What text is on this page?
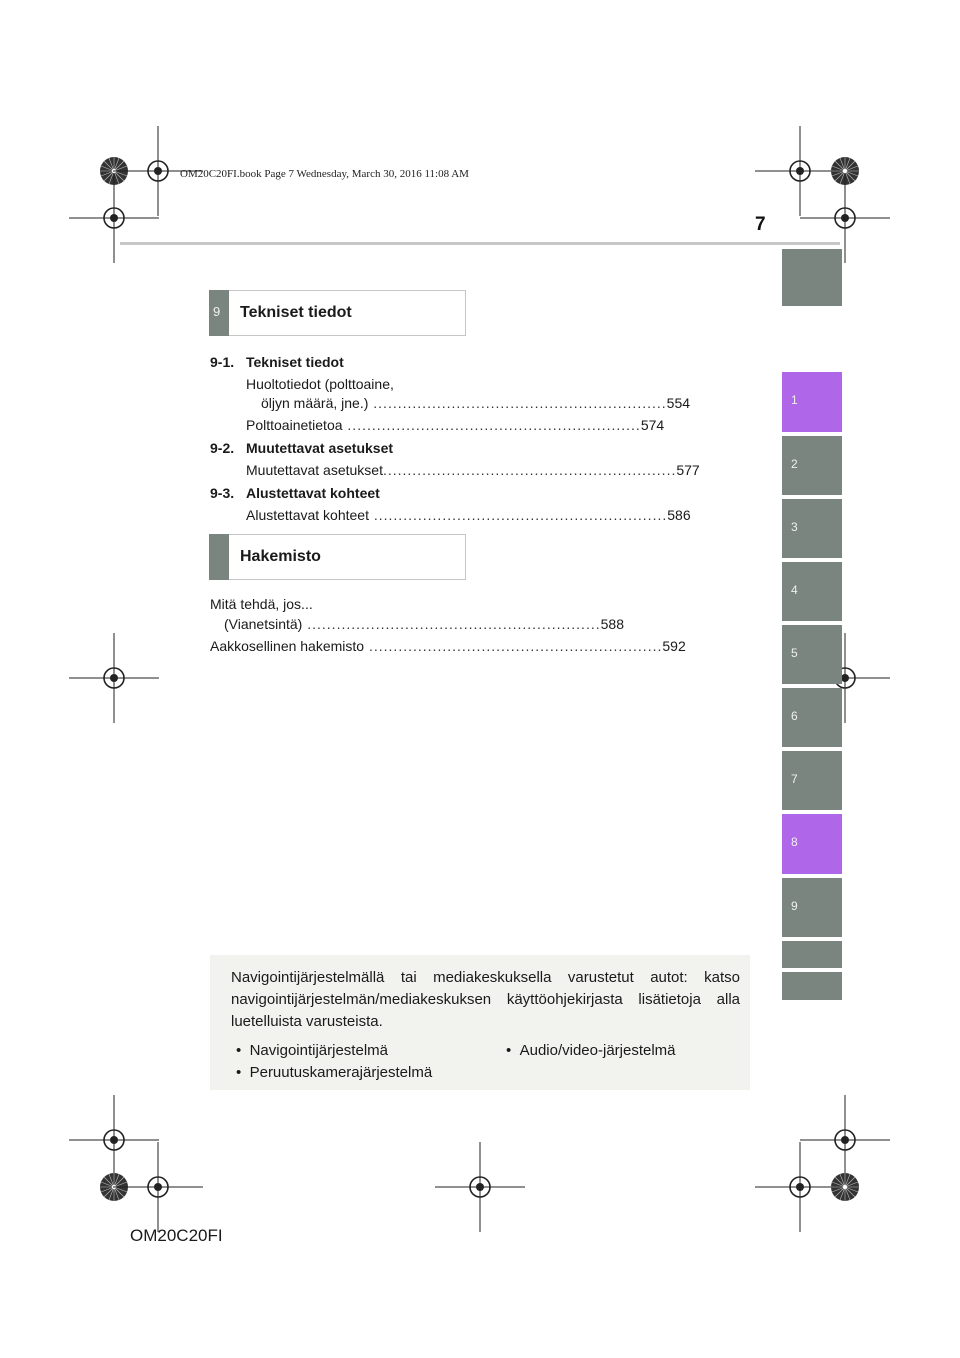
OM20C20FI.book Page 7 Wednesday, March 30, 2016 11:08 AM
7
1
2
3
4
5
6
7
8
9
9 Tekniset tiedot
9-1. Tekniset tiedot
Huoltotiedot (polttoaine,
öljyn määrä, jne.) ............................................................ 554
Polttoainetietoa ............................................................ 574
9-2. Muutettavat asetukset
Muutettavat asetukset ............................................................ 577
9-3. Alustettavat kohteet
Alustettavat kohteet ............................................................ 586
Hakemisto
Mitä tehdä, jos...
(Vianetsintä) ............................................................ 588
Aakkosellinen hakemisto ............................................................ 592
Navigointijärjestelmällä tai mediakeskuksella varustetut autot: katso navigointijärjestelmän/mediakeskuksen käyttöohjekirjasta lisätietoja alla luetelluista varusteista.
•  Navigointijärjestelmä	•  Audio/video-järjestelmä
•  Peruutuskamerajärjestelmä
OM20C20FI
